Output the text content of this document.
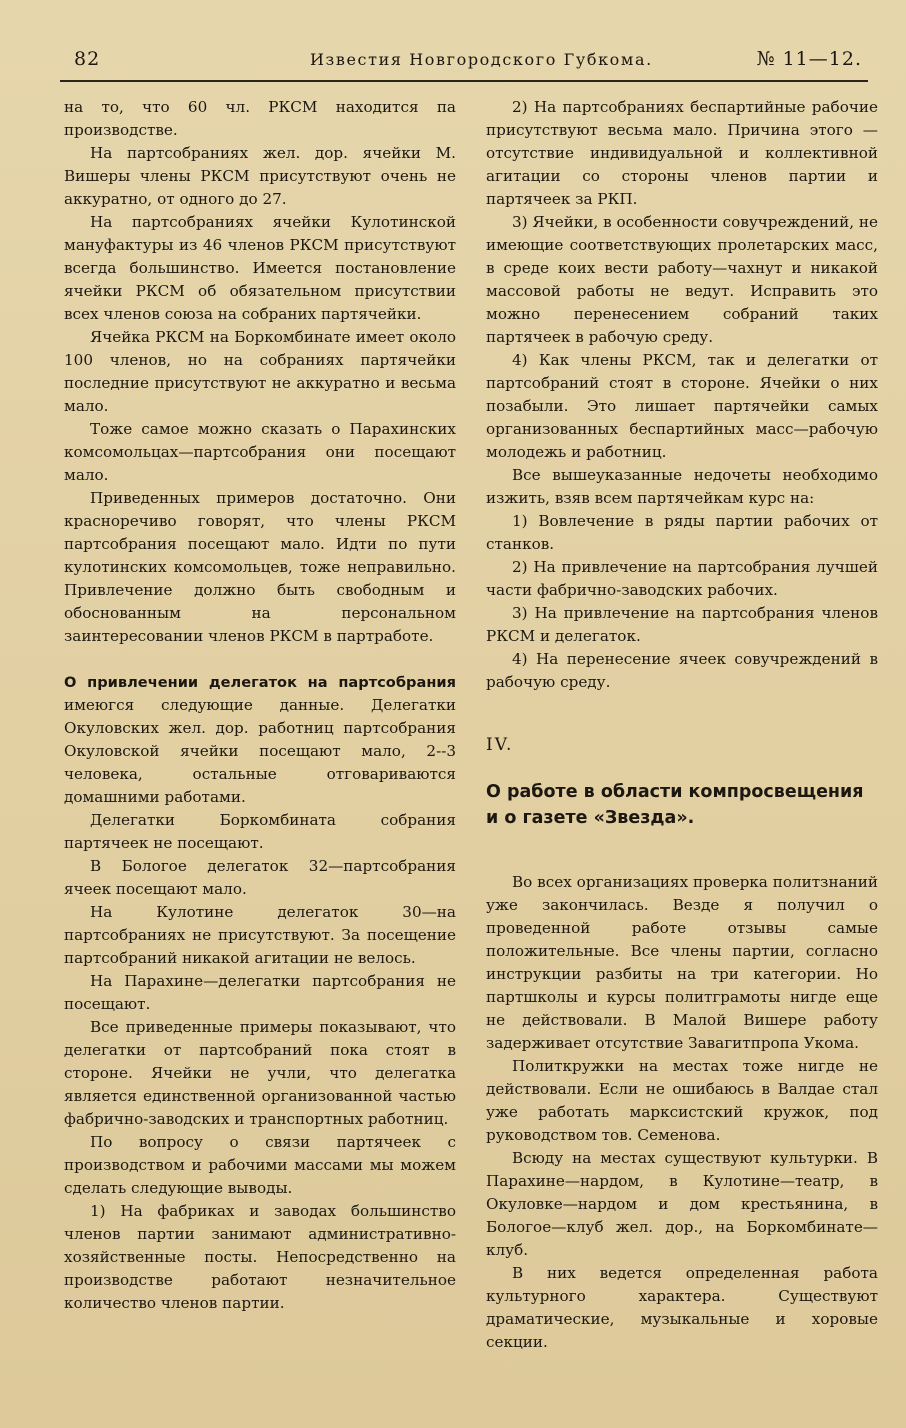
82	Известия Новгородского Губкома.	№ 11—12.

на то, что 60 чл. РКСМ находится па производстве.

На партсобраниях жел. дор. ячейки М. Вишеры члены РКСМ присутствуют очень не аккуратно, от одного до 27.

На партсобраниях ячейки Кулотинской мануфактуры из 46 членов РКСМ присутствуют всегда большинство. Имеется постановление ячейки РКСМ об обязательном присутствии всех членов союза на собраних партячейки.

Ячейка РКСМ на Боркомбинате имеет около 100 членов, но на собраниях партячейки последние присутствуют не аккуратно и весьма мало.

Тоже самое можно сказать о Парахинских комсомольцах—партсобрания они посещают мало.

Приведенных примеров достаточно. Они красноречиво говорят, что члены РКСМ партсобрания посещают мало. Идти по пути кулотинских комсомольцев, тоже неправильно. Привлечение должно быть свободным и обоснованным на персональном заинтересовании членов РКСМ в партработе.

О привлечении делегаток на партсобрания имеюгся следующие данные. Делегатки Окуловских жел. дор. работниц партсобрания Окуловской ячейки посещают мало, 2--3 человека, остальные отговариваются домашними работами.

Делегатки Боркомбината собрания партячеек не посещают.

В Бологое делегаток 32—партсобрания ячеек посещают мало.

На Кулотине делегаток 30—на партсобраниях не присутствуют. За посещение партсобраний никакой агитации не велось.

На Парахине—делегатки партсобрания не посещают.

Все приведенные примеры показывают, что делегатки от партсобраний пока стоят в стороне. Ячейки не учли, что делегатка является единственной организованной частью фабрично-заводских и транспортных работниц.

По вопросу о связи партячеек с производством и рабочими массами мы можем сделать следующие выводы.

1) На фабриках и заводах большинство членов партии занимают административно-хозяйственные посты. Непосредственно на производстве работают незначительное количество членов партии.

2) На партсобраниях беспартийные рабочие присутствуют весьма мало. Причина этого — отсутствие индивидуальной и коллективной агитации со стороны членов партии и партячеек за РКП.

3) Ячейки, в особенности совучреждений, не имеющие соответствующих пролетарских масс, в среде коих вести работу—чахнут и никакой массовой работы не ведут. Исправить это можно перенесением собраний таких партячеек в рабочую среду.

4) Как члены РКСМ, так и делегатки от партсобраний стоят в стороне. Ячейки о них позабыли. Это лишает партячейки самых организованных беспартийных масс—рабочую молодежь и работниц.

Все вышеуказанные недочеты необходимо изжить, взяв всем партячейкам курс на:

1) Вовлечение в ряды партии рабочих от станков.

2) На привлечение на партсобрания лучшей части фабрично-заводских рабочих.

3) На привлечение на партсобрания членов РКСМ и делегаток.

4) На перенесение ячеек совучреждений в рабочую среду.

IV.

О работе в области компросвещения

и о газете «Звезда».

Во всех организациях проверка политзнаний уже закончилась. Везде я получил о проведенной работе отзывы самые положительные. Все члены партии, согласно инструкции разбиты на три категории. Но партшколы и курсы политграмоты нигде еще не действовали. В Малой Вишере работу задерживает отсутствие Завагитпропа Укома.

Политкружки на местах тоже нигде не действовали. Если не ошибаюсь в Валдае стал уже работать марксистский кружок, под руководством тов. Семенова.

Всюду на местах существуют культурки. В Парахине—нардом, в Кулотине—театр, в Окуловке—нардом и дом крестьянина, в Бологое—клуб жел. дор., на Боркомбинате—клуб.

В них ведется определенная работа культурного характера. Существуют драматические, музыкальные и хоровые секции.
